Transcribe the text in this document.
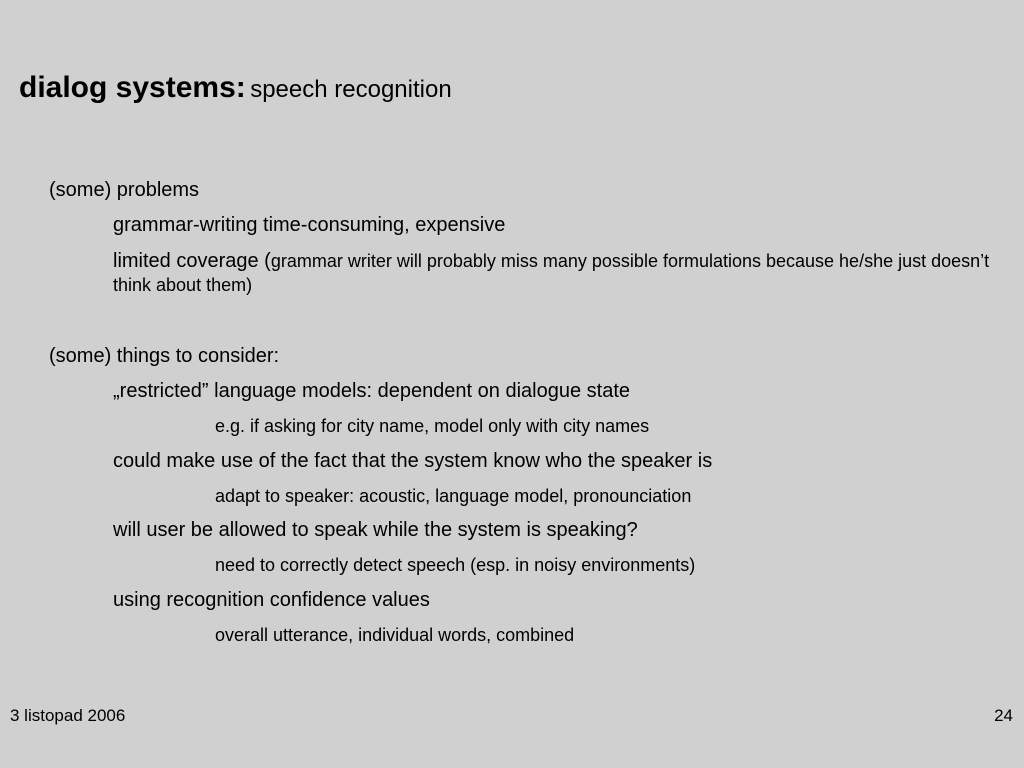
dialog systems: speech recognition
(some) problems
grammar-writing time-consuming, expensive
limited coverage (grammar writer will probably miss many possible formulations because he/she just doesn’t think about them)
(some) things to consider:
„restricted” language models: dependent on dialogue state
e.g. if asking for city name, model only with city names
could make use of the fact that the system know who the speaker is
adapt to speaker: acoustic, language model, pronounciation
will user be allowed to speak while the system is speaking?
need to correctly detect speech (esp. in noisy environments)
using recognition confidence values
overall utterance, individual words, combined
3 listopad 2006	24
